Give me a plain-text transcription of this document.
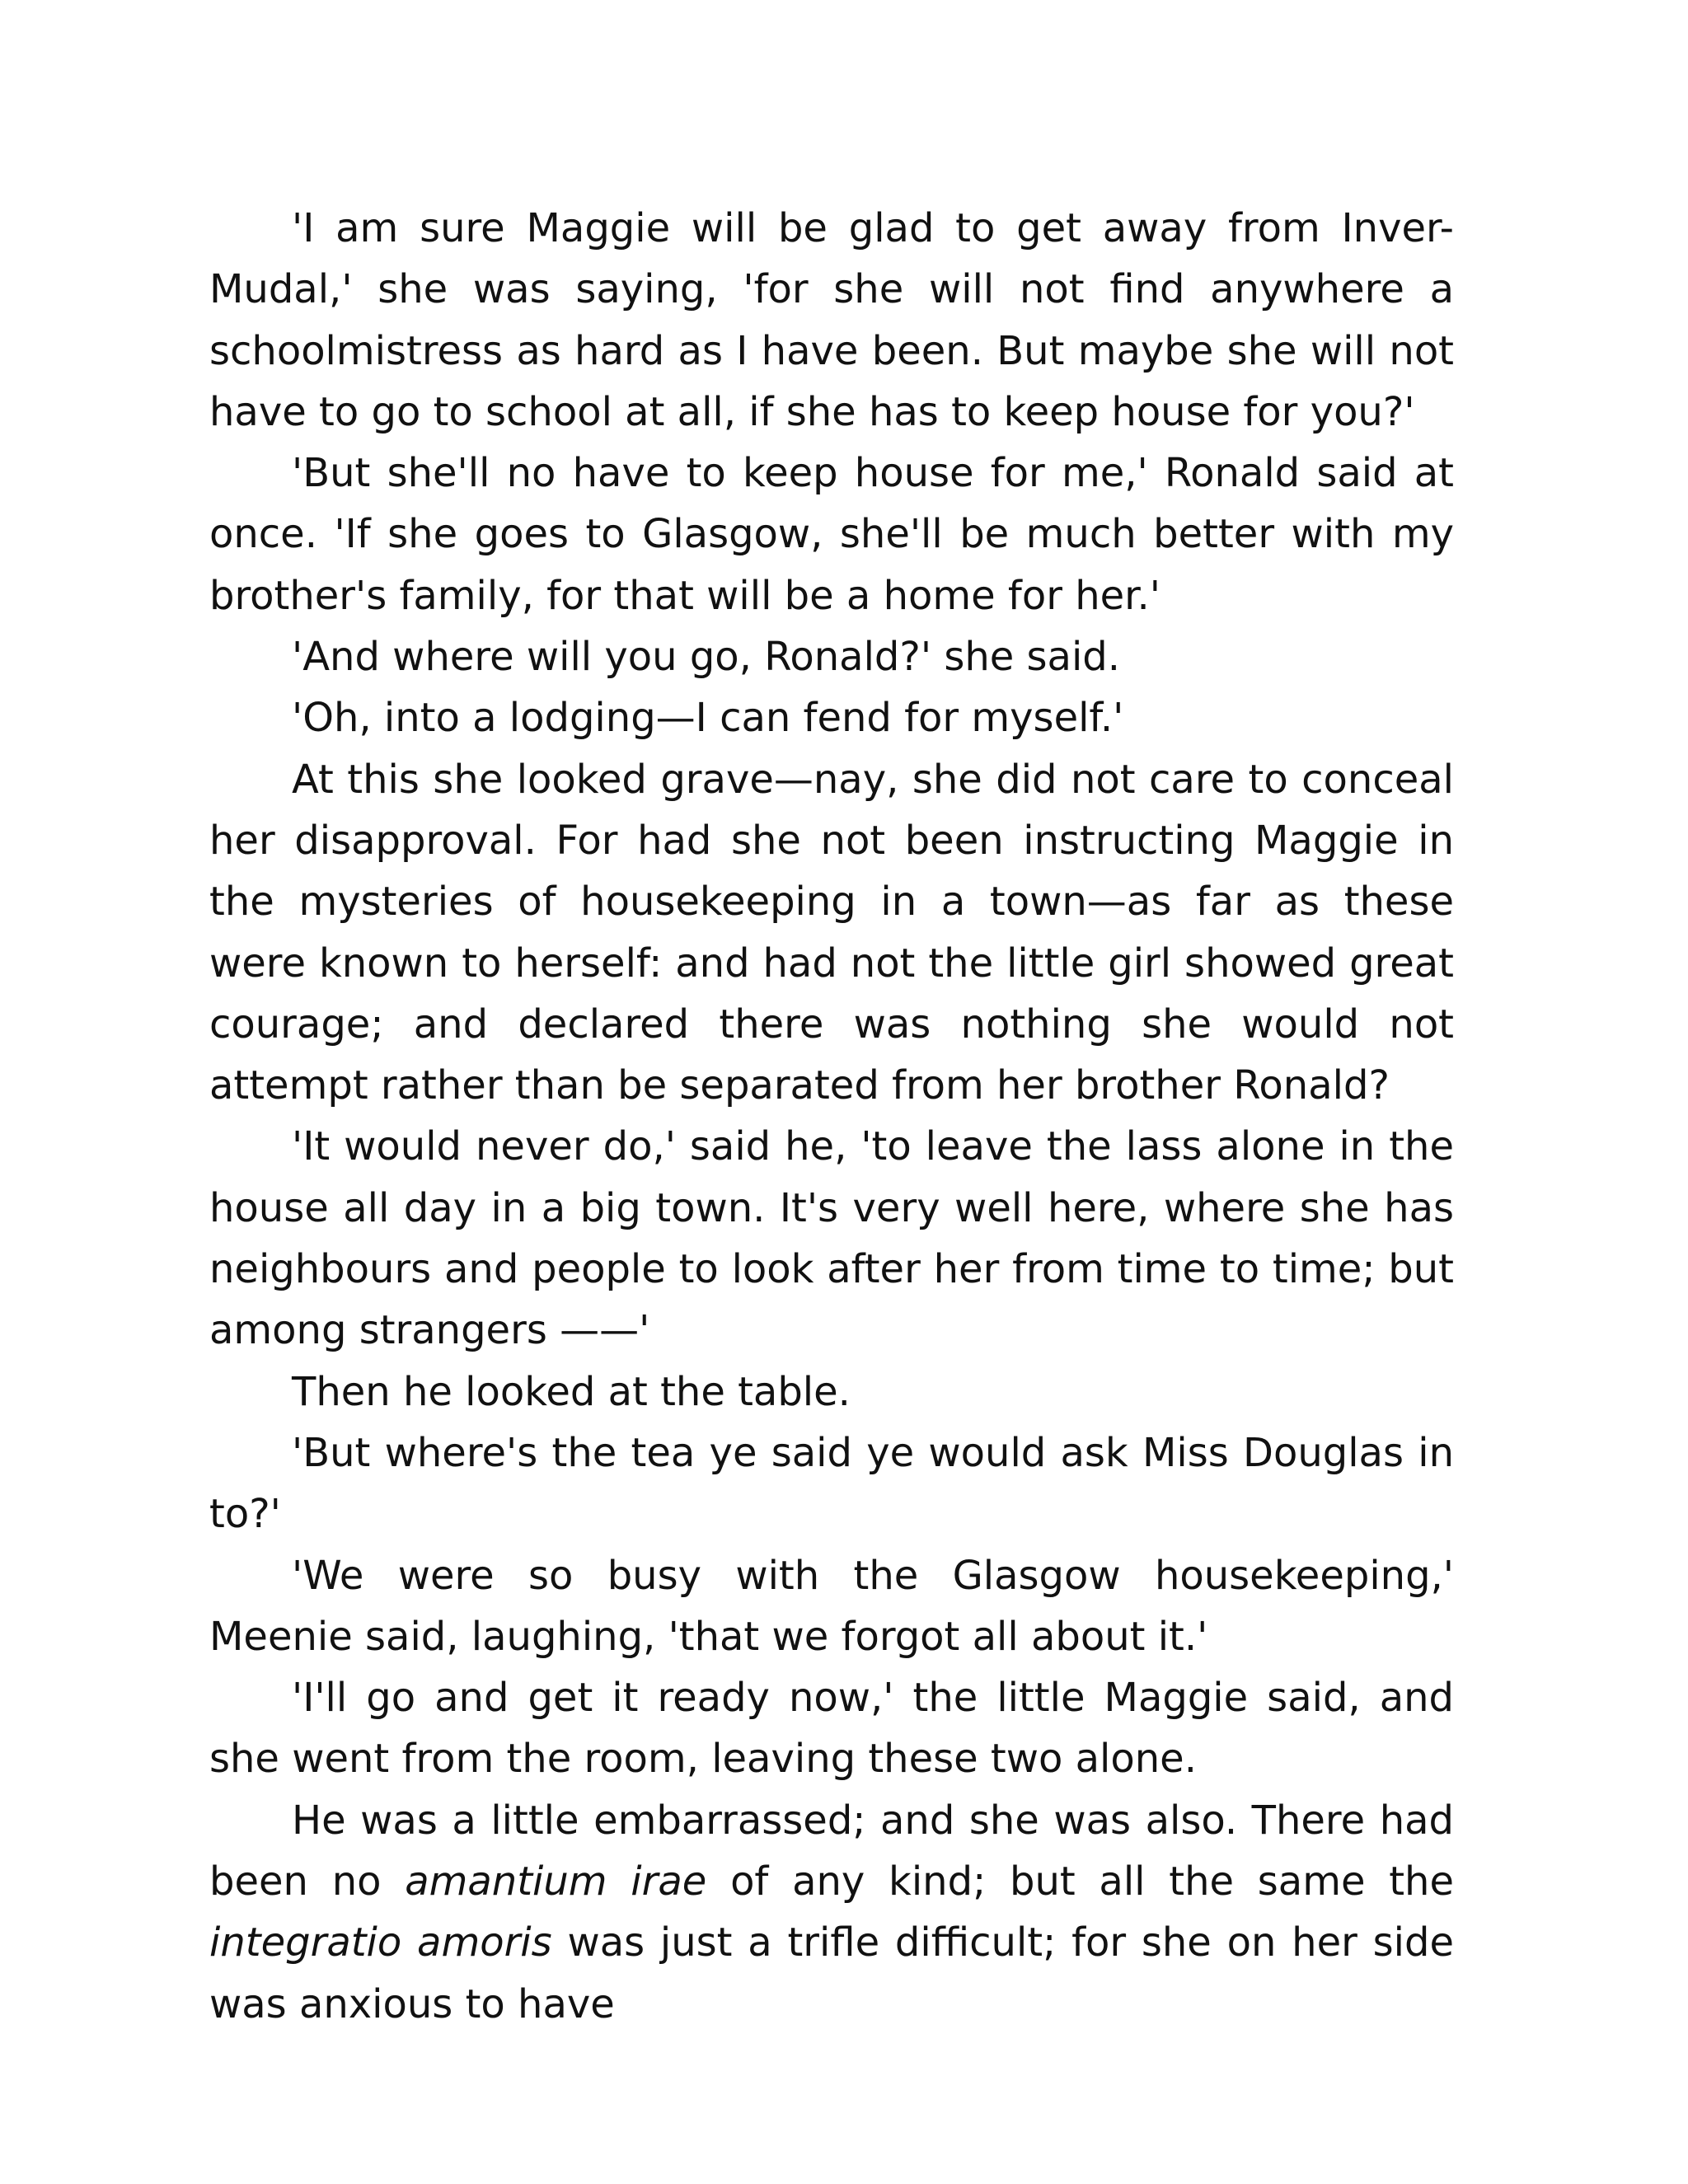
'I am sure Maggie will be glad to get away from Inver-Mudal,' she was saying, 'for she will not find anywhere a schoolmistress as hard as I have been. But maybe she will not have to go to school at all, if she has to keep house for you?'

'But she'll no have to keep house for me,' Ronald said at once. 'If she goes to Glasgow, she'll be much better with my brother's family, for that will be a home for her.'

'And where will you go, Ronald?' she said.

'Oh, into a lodging—I can fend for myself.'

At this she looked grave—nay, she did not care to conceal her disapproval. For had she not been instructing Maggie in the mysteries of housekeeping in a town—as far as these were known to herself: and had not the little girl showed great courage; and declared there was nothing she would not attempt rather than be separated from her brother Ronald?

'It would never do,' said he, 'to leave the lass alone in the house all day in a big town. It's very well here, where she has neighbours and people to look after her from time to time; but among strangers ——'

Then he looked at the table.

'But where's the tea ye said ye would ask Miss Douglas in to?'

'We were so busy with the Glasgow housekeeping,' Meenie said, laughing, 'that we forgot all about it.'

'I'll go and get it ready now,' the little Maggie said, and she went from the room, leaving these two alone.

He was a little embarrassed; and she was also. There had been no amantium irae of any kind; but all the same the integratio amoris was just a trifle difficult; for she on her side was anxious to have
